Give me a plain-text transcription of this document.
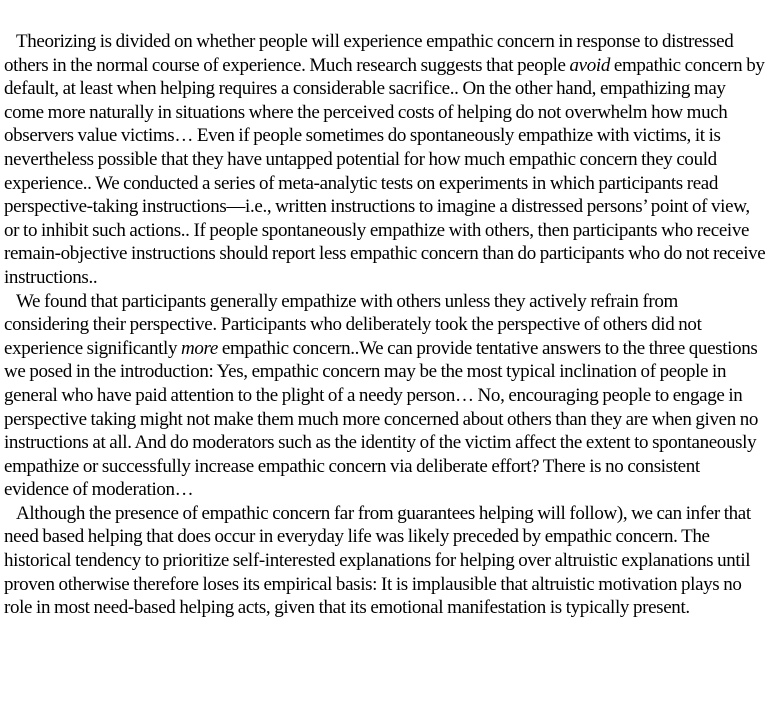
Theorizing is divided on whether people will experience empathic concern in response to distressed others in the normal course of experience. Much research suggests that people avoid empathic concern by default, at least when helping requires a considerable sacrifice.. On the other hand, empathizing may come more naturally in situations where the perceived costs of helping do not overwhelm how much observers value victims… Even if people sometimes do spontaneously empathize with victims, it is nevertheless possible that they have untapped potential for how much empathic concern they could experience.. We conducted a series of meta-analytic tests on experiments in which participants read perspective-taking instructions—i.e., written instructions to imagine a distressed persons’ point of view, or to inhibit such actions.. If people spontaneously empathize with others, then participants who receive remain-objective instructions should report less empathic concern than do participants who do not receive instructions..

We found that participants generally empathize with others unless they actively refrain from considering their perspective. Participants who deliberately took the perspective of others did not experience significantly more empathic concern..We can provide tentative answers to the three questions we posed in the introduction: Yes, empathic concern may be the most typical inclination of people in general who have paid attention to the plight of a needy person… No, encouraging people to engage in perspective taking might not make them much more concerned about others than they are when given no instructions at all. And do moderators such as the identity of the victim affect the extent to spontaneously empathize or successfully increase empathic concern via deliberate effort? There is no consistent evidence of moderation…

Although the presence of empathic concern far from guarantees helping will follow), we can infer that need based helping that does occur in everyday life was likely preceded by empathic concern. The historical tendency to prioritize self-interested explanations for helping over altruistic explanations until proven otherwise therefore loses its empirical basis: It is implausible that altruistic motivation plays no role in most need-based helping acts, given that its emotional manifestation is typically present.
